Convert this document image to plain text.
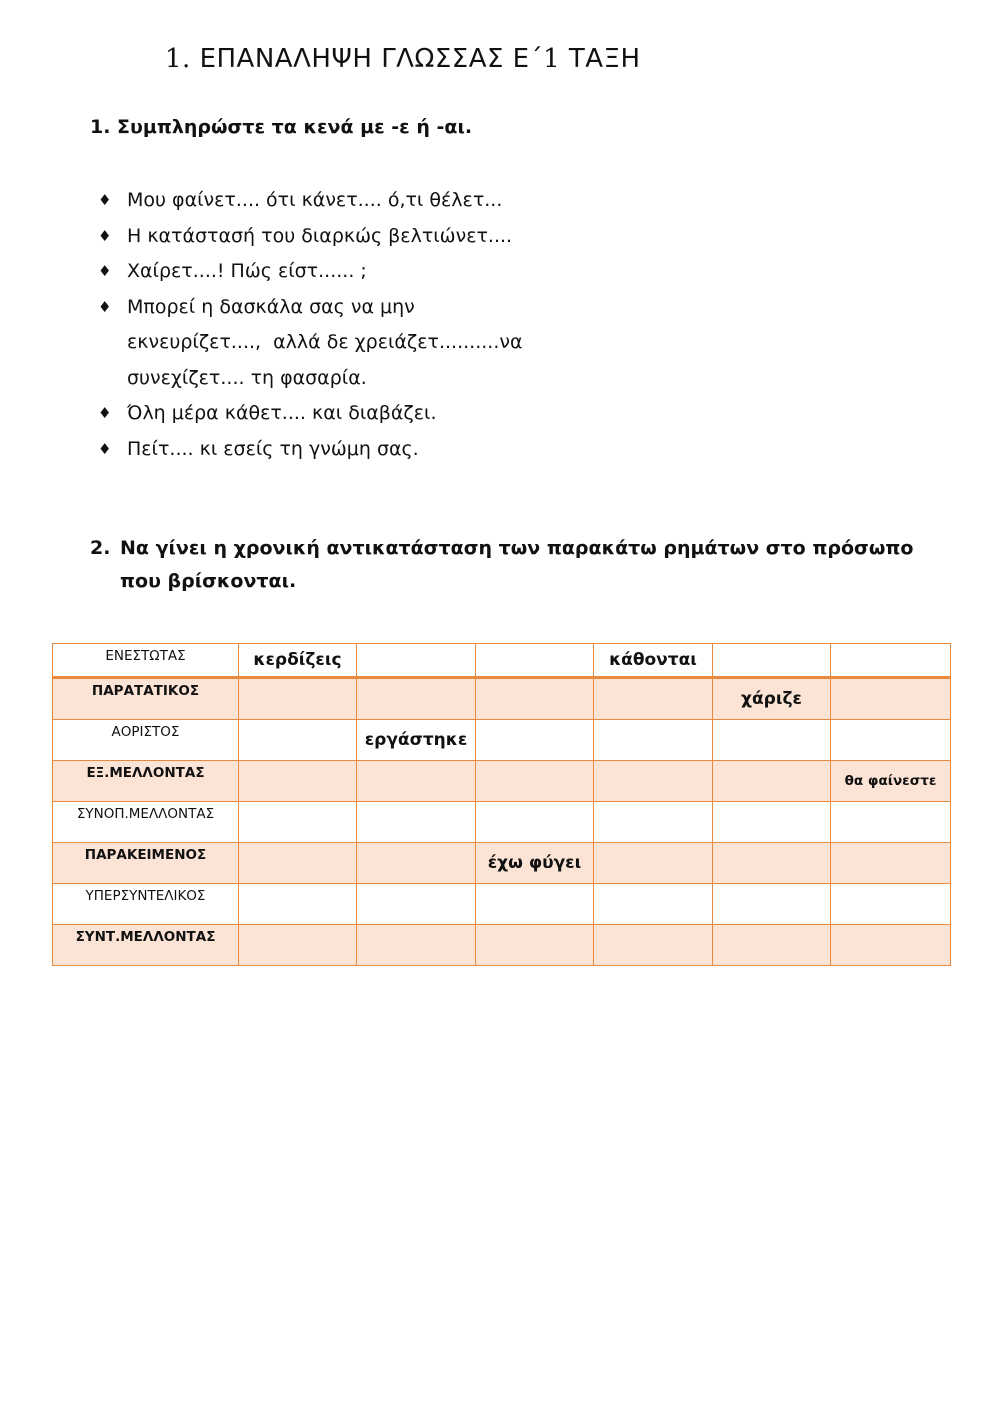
1. ΕΠΑΝΑΛΗΨΗ ΓΛΩΣΣΑΣ Ε΄1 ΤΑΞΗ
1. Συμπληρώστε τα κενά με -ε ή -αι.
♦ Μου φαίνετ.... ότι κάνετ.... ό,τι θέλετ...
♦ Η κατάστασή του διαρκώς βελτιώνετ....
♦ Χαίρετ....! Πώς είστ...... ;
♦ Μπορεί η δασκάλα σας να μην
εκνευρίζετ....,  αλλά δε χρειάζετ..........να
συνεχίζετ.... τη φασαρία.
♦ Όλη μέρα κάθετ.... και διαβάζει.
♦ Πείτ.... κι εσείς τη γνώμη σας.
2. Να γίνει η χρονική αντικατάσταση των παρακάτω ρημάτων στο πρόσωπο
που βρίσκονται.
ΕΝΕΣΤΩΤΑΣ	κερδίζεις			κάθονται		
ΠΑΡΑΤΑΤΙΚΟΣ					χάριζε	
ΑΟΡΙΣΤΟΣ		εργάστηκε				
ΕΞ.ΜΕΛΛΟΝΤΑΣ						θα φαίνεστε
ΣΥΝΟΠ.ΜΕΛΛΟΝΤΑΣ						
ΠΑΡΑΚΕΙΜΕΝΟΣ			έχω φύγει			
ΥΠΕΡΣΥΝΤΕΛΙΚΟΣ						
ΣΥΝΤ.ΜΕΛΛΟΝΤΑΣ						
